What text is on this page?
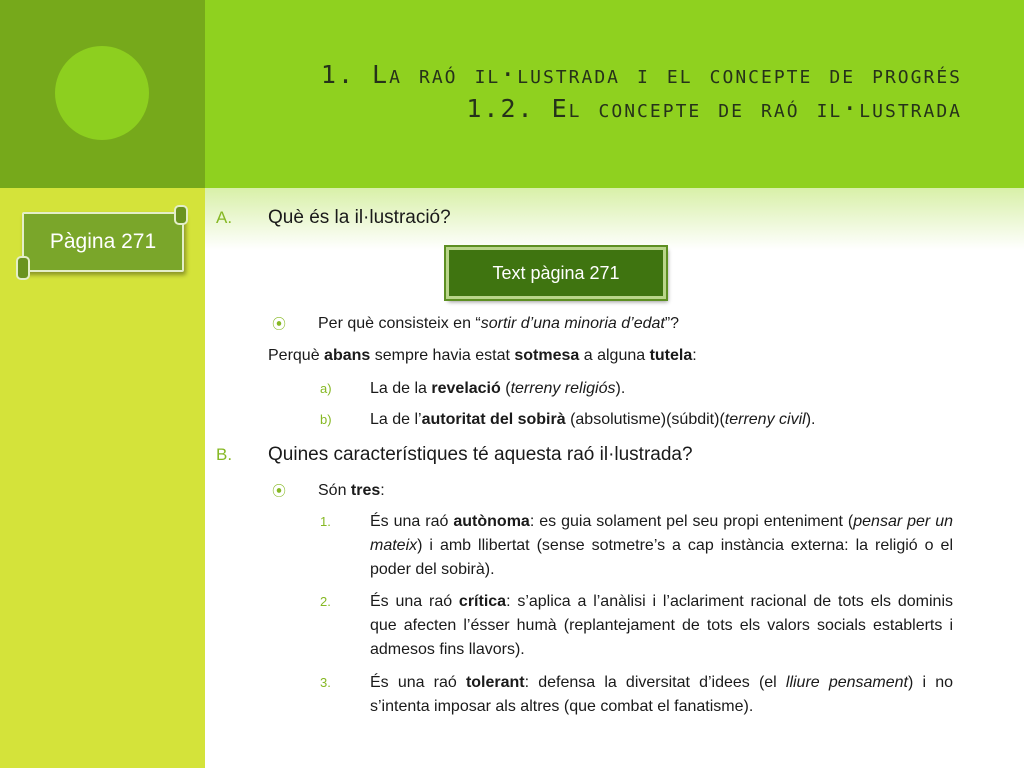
1. La raó il·lustrada i el concepte de progrés
1.2. El concepte de raó il·lustrada
Pàgina 271
Text pàgina 271
A. Què és la il·lustració?
⦿ Per què consisteix en “sortir d’una minoria d’edat”?
Perquè abans sempre havia estat sotmesa a alguna tutela:
a) La de la revelació (terreny religiós).
b) La de l’autoritat del sobirà (absolutisme)(súbdit)(terreny civil).
B. Quines característiques té aquesta raó il·lustrada?
⦿ Són tres:
1. És una raó autònoma: es guia solament pel seu propi enteniment (pensar per un mateix) i amb llibertat (sense sotmetre’s a cap instància externa: la religió o el poder del sobirà).
2. És una raó crítica: s’aplica a l’anàlisi i l’aclariment racional de tots els dominis que afecten l’ésser humà (replantejament de tots els valors socials establerts i admesos fins llavors).
3. És una raó tolerant: defensa la diversitat d’idees (el lliure pensament) i no s’intenta imposar als altres (que combat el fanatisme).
